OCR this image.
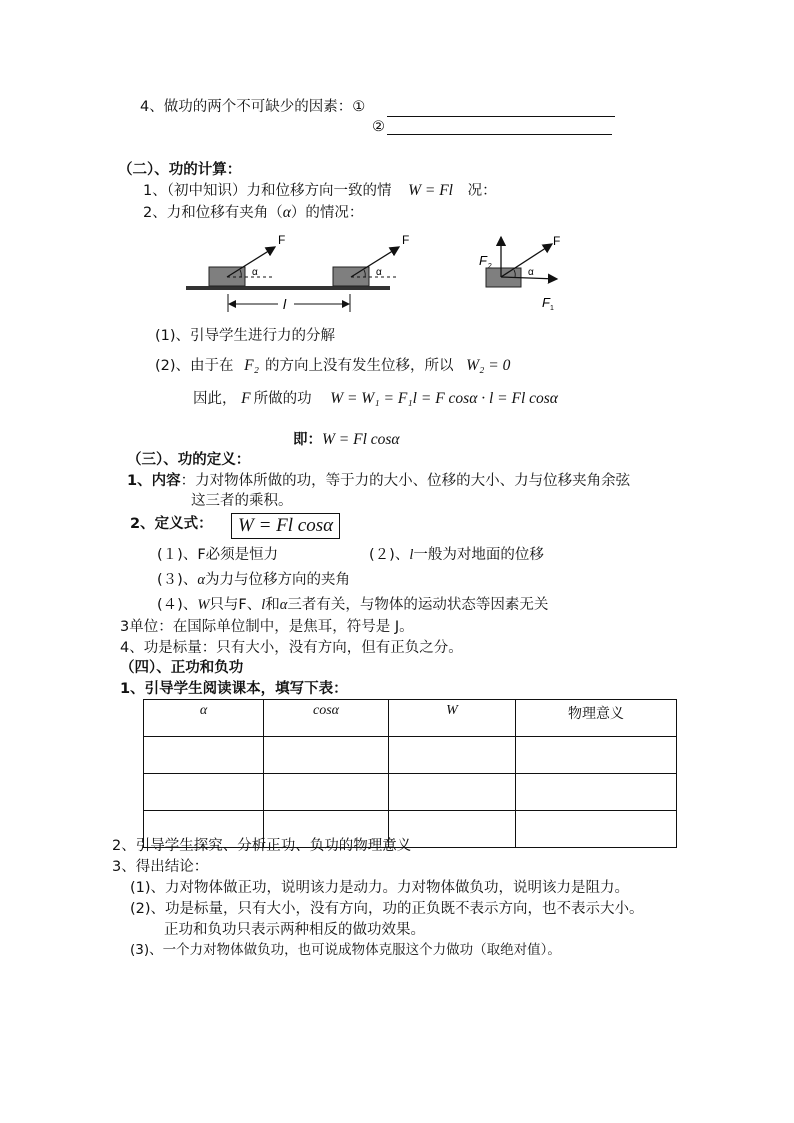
4、做功的两个不可缺少的因素：①
②
（二）、功的计算：
1、（初中知识）力和位移方向一致的情 W = Fl 况：
2、力和位移有夹角（α）的情况：
F
α
F
α
l
F
α
F 2
F 1
(1)、引导学生进行力的分解
(2)、由于在 F₂ 的方向上没有发生位移，所以 W₂ = 0
因此， F 所做的功 W = W₁ = F₁l = F cosα · l = Fl cosα
即：W = Fl cosα
（三）、功的定义：
1、内容：力对物体所做的功，等于力的大小、位移的大小、力与位移夹角余弦
这三者的乘积。
2、定义式：	W = Fl cosα
(１)、F必须是恒力	(２)、l一般为对地面的位移
(３)、α为力与位移方向的夹角
(４)、W只与F、l和α三者有关，与物体的运动状态等因素无关
3单位：在国际单位制中，是焦耳，符号是 J。
4、功是标量：只有大小，没有方向，但有正负之分。
（四）、正功和负功
1、引导学生阅读课本，填写下表：
α	cosα	W	物理意义

2、引导学生探究、分析正功、负功的物理意义
3、得出结论：
(1)、力对物体做正功，说明该力是动力。力对物体做负功，说明该力是阻力。
(2)、功是标量，只有大小，没有方向，功的正负既不表示方向，也不表示大小。
正功和负功只表示两种相反的做功效果。
(3)、一个力对物体做负功，也可说成物体克服这个力做功（取绝对值）。
